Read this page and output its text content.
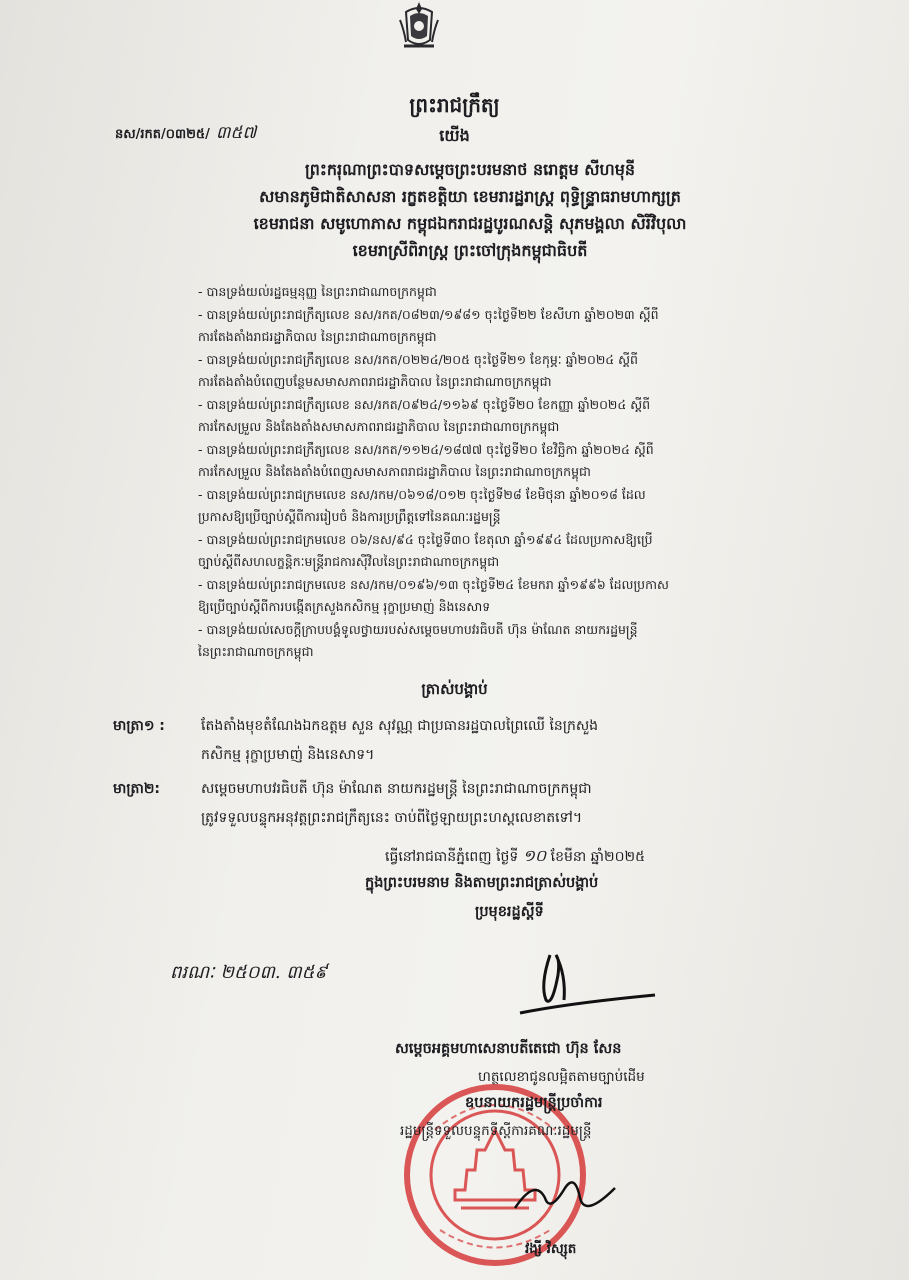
ព្រះរាជក្រឹត្យ
នស/រកត/០៣២៥/ ៣៥៧	យើង
ព្រះករុណាព្រះបាទសម្តេចព្រះបរមនាថ នរោត្តម សីហមុនី
សមានភូមិជាតិសាសនា រក្ខតខត្តិយា ខេមរារដ្ឋរាស្ត្រ ពុទ្ធិន្ទ្រាធរាមហាក្សត្រ
ខេមរាជនា សមូហោភាស កម្ពុជឯករាជរដ្ឋបូរណសន្តិ សុភមង្គលា សិរីវិបុលា
ខេមរាស្រីពិរាស្ត្រ ព្រះចៅក្រុងកម្ពុជាធិបតី
- បានទ្រង់យល់រដ្ឋធម្មនុញ្ញ នៃព្រះរាជាណាចក្រកម្ពុជា
- បានទ្រង់យល់ព្រះរាជក្រឹត្យលេខ នស/រកត/០៨២៣/១៩៨១ ចុះថ្ងៃទី២២ ខែសីហា ឆ្នាំ២០២៣ ស្ដីពី
ការតែងតាំងរាជរដ្ឋាភិបាល នៃព្រះរាជាណាចក្រកម្ពុជា
- បានទ្រង់យល់ព្រះរាជក្រឹត្យលេខ នស/រកត/០២២៤/២០៥ ចុះថ្ងៃទី២១ ខែកុម្ភៈ ឆ្នាំ២០២៤ ស្ដីពី
ការតែងតាំងបំពេញបន្ថែមសមាសភាពរាជរដ្ឋាភិបាល នៃព្រះរាជាណាចក្រកម្ពុជា
- បានទ្រង់យល់ព្រះរាជក្រឹត្យលេខ នស/រកត/០៩២៤/១១៦៩ ចុះថ្ងៃទី២០ ខែកញ្ញា ឆ្នាំ២០២៤ ស្ដីពី
ការកែសម្រួល និងតែងតាំងសមាសភាពរាជរដ្ឋាភិបាល នៃព្រះរាជាណាចក្រកម្ពុជា
- បានទ្រង់យល់ព្រះរាជក្រឹត្យលេខ នស/រកត/១១២៤/១៨៧៧ ចុះថ្ងៃទី២០ ខែវិច្ឆិកា ឆ្នាំ២០២៤ ស្ដីពី
ការកែសម្រួល និងតែងតាំងបំពេញសមាសភាពរាជរដ្ឋាភិបាល នៃព្រះរាជាណាចក្រកម្ពុជា
- បានទ្រង់យល់ព្រះរាជក្រមលេខ នស/រកម/០៦១៨/០១២ ចុះថ្ងៃទី២៨ ខែមិថុនា ឆ្នាំ២០១៨ ដែល
ប្រកាសឱ្យប្រើច្បាប់ស្ដីពីការរៀបចំ និងការប្រព្រឹត្តទៅនៃគណៈរដ្ឋមន្ត្រី
- បានទ្រង់យល់ព្រះរាជក្រមលេខ ០៦/នស/៩៤ ចុះថ្ងៃទី៣០ ខែតុលា ឆ្នាំ១៩៩៤ ដែលប្រកាសឱ្យប្រើ
ច្បាប់ស្ដីពីសហលក្ខន្តិកៈមន្ត្រីរាជការស៊ីវិលនៃព្រះរាជាណាចក្រកម្ពុជា
- បានទ្រង់យល់ព្រះរាជក្រមលេខ នស/រកម/០១៩៦/១៣ ចុះថ្ងៃទី២៤ ខែមករា ឆ្នាំ១៩៩៦ ដែលប្រកាស
ឱ្យប្រើច្បាប់ស្ដីពីការបង្កើតក្រសួងកសិកម្ម រុក្ខាប្រមាញ់ និងនេសាទ
- បានទ្រង់យល់សេចក្ដីក្រាបបង្គំទូលថ្វាយរបស់សម្ដេចមហាបវរធិបតី ហ៊ុន ម៉ាណែត នាយករដ្ឋមន្ត្រី
នៃព្រះរាជាណាចក្រកម្ពុជា
ត្រាស់បង្គាប់
មាត្រា១ :	តែងតាំងមុខតំណែងឯកឧត្តម សួន សុវណ្ណ ជាប្រធានរដ្ឋបាលព្រៃឈើ នៃក្រសួង
កសិកម្ម រុក្ខាប្រមាញ់ និងនេសាទ។
មាត្រា២:	សម្ដេចមហាបវរធិបតី ហ៊ុន ម៉ាណែត នាយករដ្ឋមន្ត្រី នៃព្រះរាជាណាចក្រកម្ពុជា
ត្រូវទទួលបន្ទុកអនុវត្តព្រះរាជក្រឹត្យនេះ ចាប់ពីថ្ងៃឡាយព្រះហស្តលេខាតទៅ។
ធ្វើនៅរាជធានីភ្នំពេញ ថ្ងៃទី ១០ ខែមីនា ឆ្នាំ២០២៥
ក្នុងព្រះបរមនាម និងតាមព្រះរាជត្រាស់បង្គាប់
ប្រមុខរដ្ឋស្ដីទី
ពរណៈ ២៥០៣. ៣៥៩
សម្ដេចអគ្គមហាសេនាបតីតេជោ ហ៊ុន សែន
ហត្ថលេខាជូនលម្អិតតាមច្បាប់ដើម
ឧបនាយករដ្ឋមន្ត្រីប្រចាំការ
រដ្ឋមន្ត្រីទទួលបន្ទុកទីស្ដីការគណៈរដ្ឋមន្ត្រី
វង្សី វិស្សុត
